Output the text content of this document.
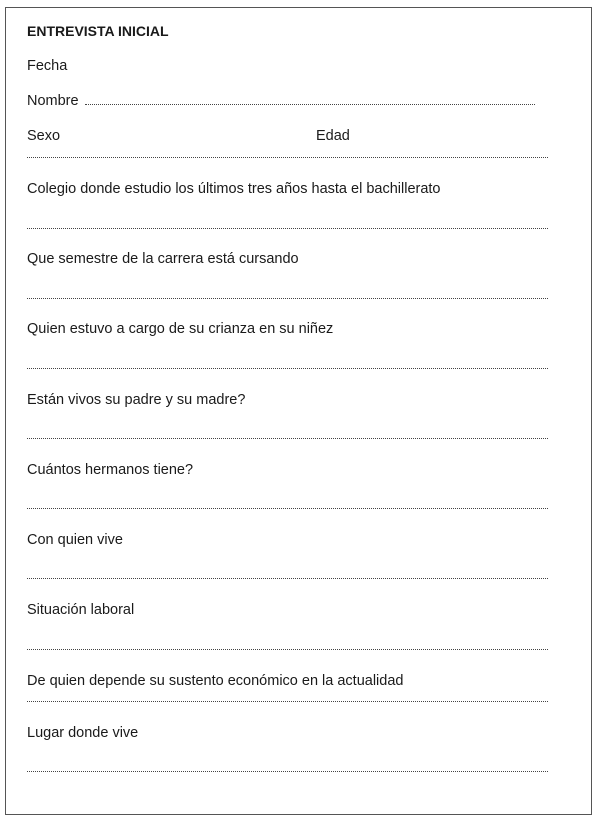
ENTREVISTA INICIAL
Fecha
Nombre
Sexo	Edad
Colegio donde estudio los últimos tres años hasta el bachillerato
Que semestre de la carrera está cursando
Quien estuvo a cargo de su crianza en su niñez
Están vivos su padre y su madre?
Cuántos hermanos tiene?
Con quien vive
Situación laboral
De quien depende su sustento económico en la actualidad
Lugar donde vive
